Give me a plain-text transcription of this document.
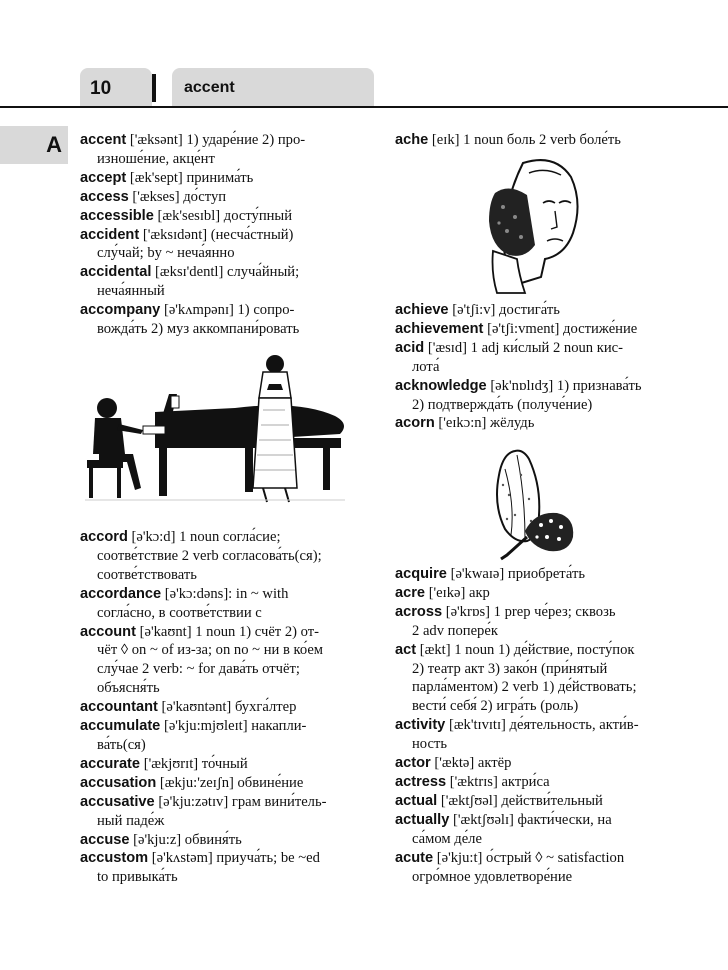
10	accent
A accent ['æksənt] 1) ударе́ние 2) про-
изноше́ние, акце́нт

accept [æk'sept] принима́ть

access ['ækses] до́ступ

accessible [æk'sesɪbl] досту́пный

accident ['æksɪdənt] (несча́стный)
слу́чай; by ~ неча́янно

accidental [æksɪ'dentl] случа́йный;
неча́янный

accompany [ə'kʌmpənɪ] 1) сопро-
вожда́ть 2) муз аккомпани́ровать

accord [ə'kɔ:d] 1 noun согла́сие;
соотве́тствие 2 verb согласова́ть(ся);
соотве́тствовать

accordance [ə'kɔ:dəns]: in ~ with
согла́сно, в соотве́тствии с

account [ə'kaʊnt] 1 noun 1) счёт 2) от-
чёт ◊ on ~ of из-за; on no ~ ни в ко́ем
слу́чае 2 verb: ~ for дава́ть отчёт;
объясня́ть

accountant [ə'kaʊntənt] бухга́лтер

accumulate [ə'kju:mjʊleɪt] накапли-
ва́ть(ся)

accurate ['ækjʊrɪt] то́чный

accusation [ækju:'zeɪʃn] обвине́ние

accusative [ə'kju:zətɪv] грам вини́тель-
ный паде́ж

accuse [ə'kju:z] обвиня́ть

accustom [ə'kʌstəm] приуча́ть; be ~ed
to привыка́ть

ache [eɪk] 1 noun боль 2 verb боле́ть

achieve [ə'tʃi:v] достига́ть

achievement [ə'tʃi:vment] достиже́ние

acid ['æsɪd] 1 adj ки́слый 2 noun кис-
лота́

acknowledge [ək'nɒlɪdʒ] 1) признава́ть
2) подтвержда́ть (получе́ние)

acorn ['eɪkɔ:n] жёлудь

acquire [ə'kwaɪə] приобрета́ть

acre ['eɪkə] акр

across [ə'krɒs] 1 prep че́рез; сквозь
2 adv попере́к

act [ækt] 1 noun 1) де́йствие, посту́пок
2) театр акт 3) зако́н (при́нятый
парла́ментом) 2 verb 1) де́йствовать;
вести́ себя́ 2) игра́ть (роль)

activity [æk'tɪvɪtɪ] де́ятельность, акти́в-
ность

actor ['æktə] актёр

actress ['æktrɪs] актри́са

actual ['æktʃʊəl] действи́тельный

actually ['æktʃʊəlɪ] факти́чески, на
са́мом де́ле

acute [ə'kju:t] о́стрый ◊ ~ satisfaction
огро́мное удовлетворе́ние
